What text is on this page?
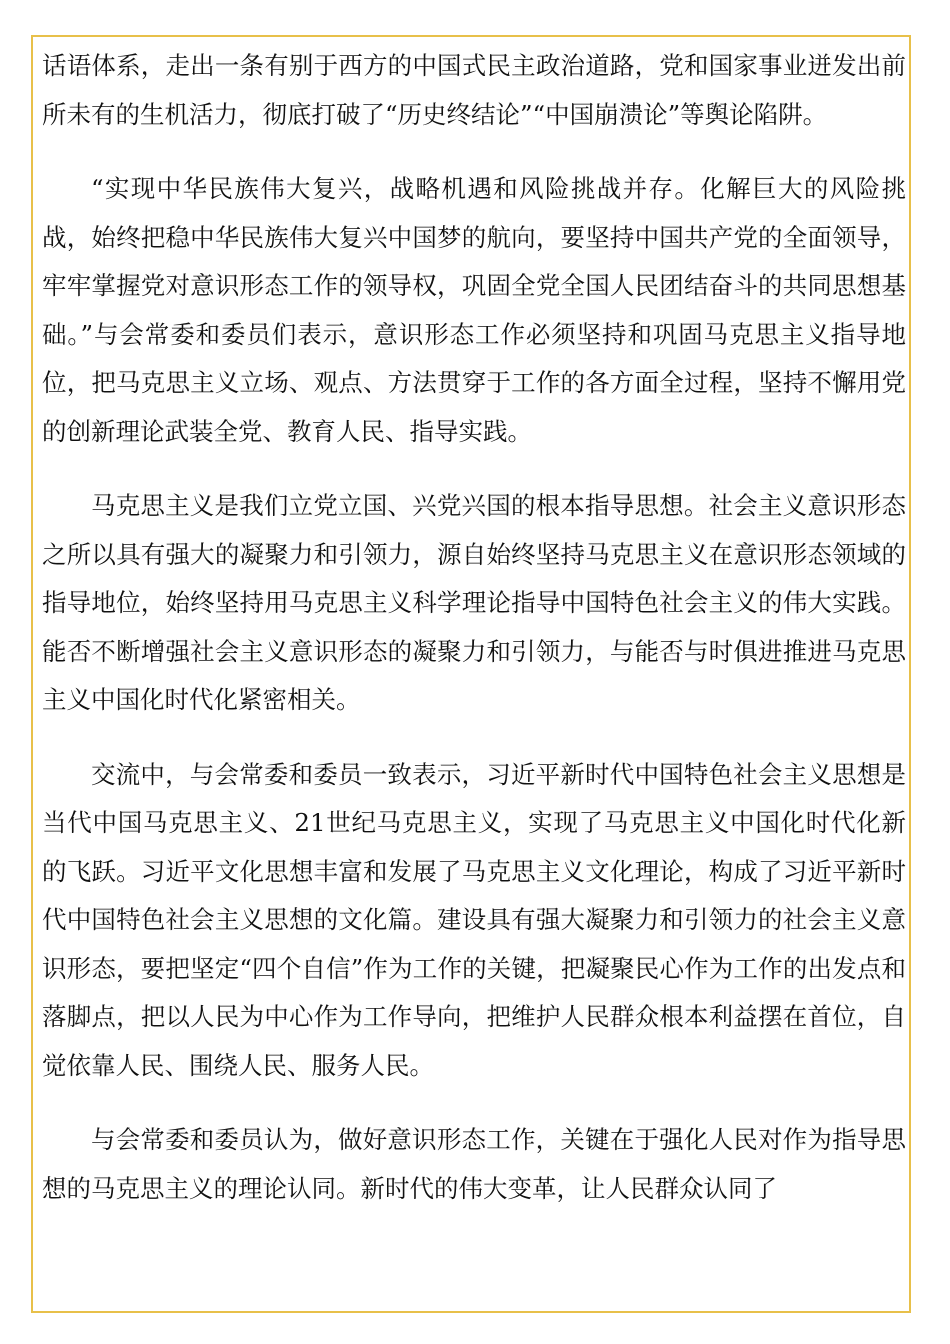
话语体系，走出一条有别于西方的中国式民主政治道路，党和国家事业迸发出前所未有的生机活力，彻底打破了“历史终结论”“中国崩溃论”等舆论陷阱。

“实现中华民族伟大复兴，战略机遇和风险挑战并存。化解巨大的风险挑战，始终把稳中华民族伟大复兴中国梦的航向，要坚持中国共产党的全面领导，牢牢掌握党对意识形态工作的领导权，巩固全党全国人民团结奋斗的共同思想基础。”与会常委和委员们表示，意识形态工作必须坚持和巩固马克思主义指导地位，把马克思主义立场、观点、方法贯穿于工作的各方面全过程，坚持不懈用党的创新理论武装全党、教育人民、指导实践。

马克思主义是我们立党立国、兴党兴国的根本指导思想。社会主义意识形态之所以具有强大的凝聚力和引领力，源自始终坚持马克思主义在意识形态领域的指导地位，始终坚持用马克思主义科学理论指导中国特色社会主义的伟大实践。能否不断增强社会主义意识形态的凝聚力和引领力，与能否与时俱进推进马克思主义中国化时代化紧密相关。

交流中，与会常委和委员一致表示，习近平新时代中国特色社会主义思想是当代中国马克思主义、21世纪马克思主义，实现了马克思主义中国化时代化新的飞跃。习近平文化思想丰富和发展了马克思主义文化理论，构成了习近平新时代中国特色社会主义思想的文化篇。建设具有强大凝聚力和引领力的社会主义意识形态，要把坚定“四个自信”作为工作的关键，把凝聚民心作为工作的出发点和落脚点，把以人民为中心作为工作导向，把维护人民群众根本利益摆在首位，自觉依靠人民、围绕人民、服务人民。

与会常委和委员认为，做好意识形态工作，关键在于强化人民对作为指导思想的马克思主义的理论认同。新时代的伟大变革，让人民群众认同了
